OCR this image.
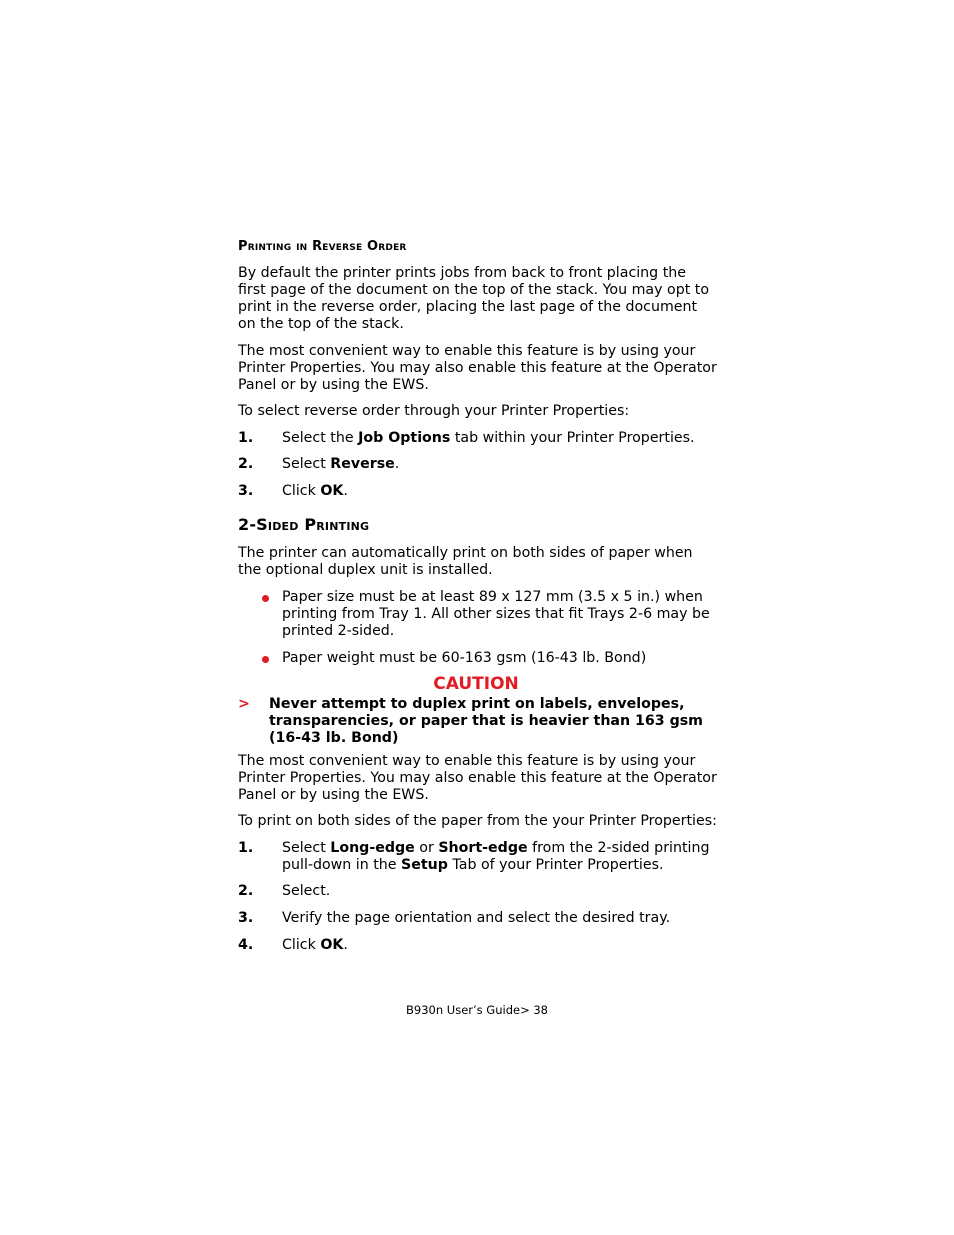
Printing in Reverse Order

By default the printer prints jobs from back to front placing the first page of the document on the top of the stack. You may opt to print in the reverse order, placing the last page of the document on the top of the stack.

The most convenient way to enable this feature is by using your Printer Properties. You may also enable this feature at the Operator Panel or by using the EWS.

To select reverse order through your Printer Properties:

1. Select the Job Options tab within your Printer Properties.
2. Select Reverse.
3. Click OK.
2-Sided Printing

The printer can automatically print on both sides of paper when the optional duplex unit is installed.

Paper size must be at least 89 x 127 mm (3.5 x 5 in.) when printing from Tray 1. All other sizes that fit Trays 2-6 may be printed 2-sided.
Paper weight must be 60-163 gsm (16-43 lb. Bond)
CAUTION
> Never attempt to duplex print on labels, envelopes, transparencies, or paper that is heavier than 163 gsm (16-43 lb. Bond)

The most convenient way to enable this feature is by using your Printer Properties. You may also enable this feature at the Operator Panel or by using the EWS.

To print on both sides of the paper from the your Printer Properties:

1. Select Long-edge or Short-edge from the 2-sided printing pull-down in the Setup Tab of your Printer Properties.
2. Select.
3. Verify the page orientation and select the desired tray.
4. Click OK.
B930n User’s Guide> 38
